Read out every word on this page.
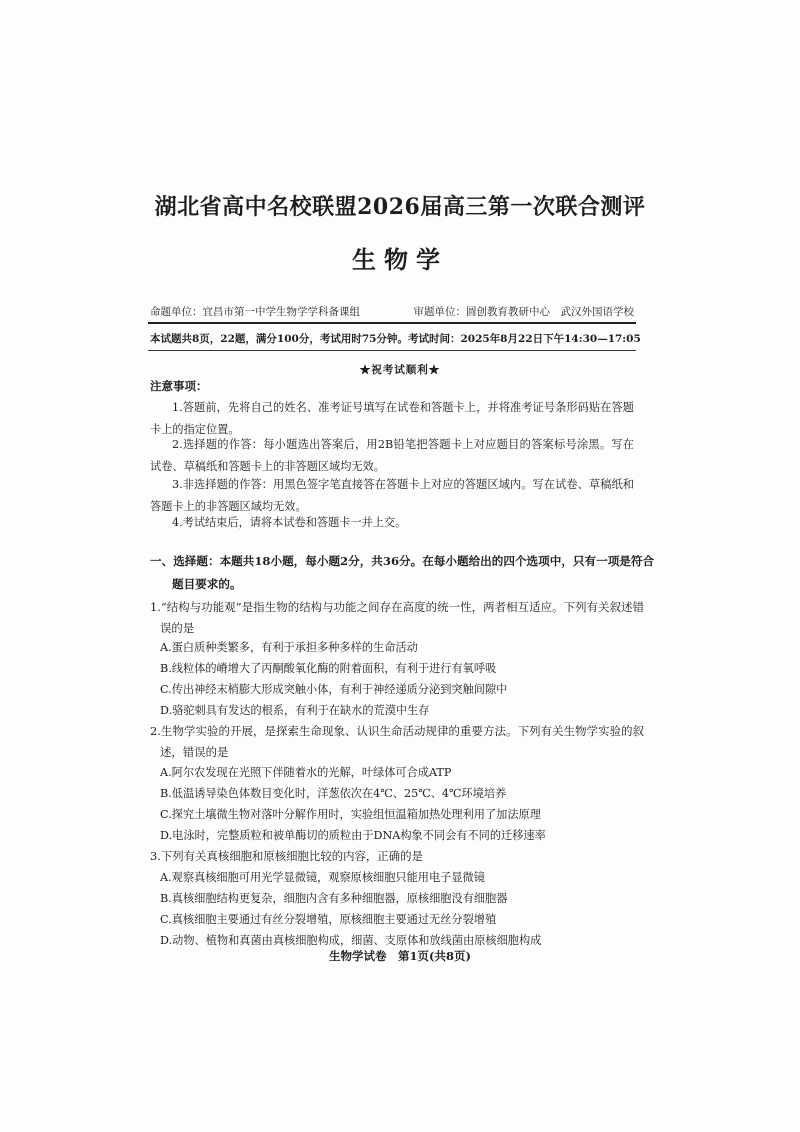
湖北省高中名校联盟2026届高三第一次联合测评
生物学
命题单位：宜昌市第一中学生物学学科备课组	审题单位：圆创教育教研中心　武汉外国语学校
本试题共8页，22题，满分100分，考试用时75分钟。 考试时间：2025年8月22日下午14:30—17:05
★祝考试顺利★
注意事项：
1.答题前，先将自己的姓名、准考证号填写在试卷和答题卡上，并将准考证号条形码贴在答题卡上的指定位置。
2.选择题的作答：每小题选出答案后，用2B铅笔把答题卡上对应题目的答案标号涂黑。写在试卷、草稿纸和答题卡上的非答题区域均无效。
3.非选择题的作答：用黑色签字笔直接答在答题卡上对应的答题区域内。写在试卷、草稿纸和答题卡上的非答题区域均无效。
4.考试结束后，请将本试卷和答题卡一并上交。
一、选择题：本题共18小题，每小题2分，共36分。在每小题给出的四个选项中，只有一项是符合题目要求的。
1.“结构与功能观”是指生物的结构与功能之间存在高度的统一性，两者相互适应。下列有关叙述错误的是
A.蛋白质种类繁多，有利于承担多种多样的生命活动
B.线粒体的嵴增大了丙酮酸氧化酶的附着面积，有利于进行有氧呼吸
C.传出神经末梢膨大形成突触小体，有利于神经递质分泌到突触间隙中
D.骆驼刺具有发达的根系，有利于在缺水的荒漠中生存
2.生物学实验的开展，是探索生命现象、认识生命活动规律的重要方法。下列有关生物学实验的叙述，错误的是
A.阿尔农发现在光照下伴随着水的光解，叶绿体可合成ATP
B.低温诱导染色体数目变化时，洋葱依次在4℃、25℃、4℃环境培养
C.探究土壤微生物对落叶分解作用时，实验组恒温箱加热处理利用了加法原理
D.电泳时，完整质粒和被单酶切的质粒由于DNA构象不同会有不同的迁移速率
3.下列有关真核细胞和原核细胞比较的内容，正确的是
A.观察真核细胞可用光学显微镜，观察原核细胞只能用电子显微镜
B.真核细胞结构更复杂，细胞内含有多种细胞器，原核细胞没有细胞器
C.真核细胞主要通过有丝分裂增殖，原核细胞主要通过无丝分裂增殖
D.动物、植物和真菌由真核细胞构成，细菌、支原体和放线菌由原核细胞构成
生物学试卷　第1页(共8页)
